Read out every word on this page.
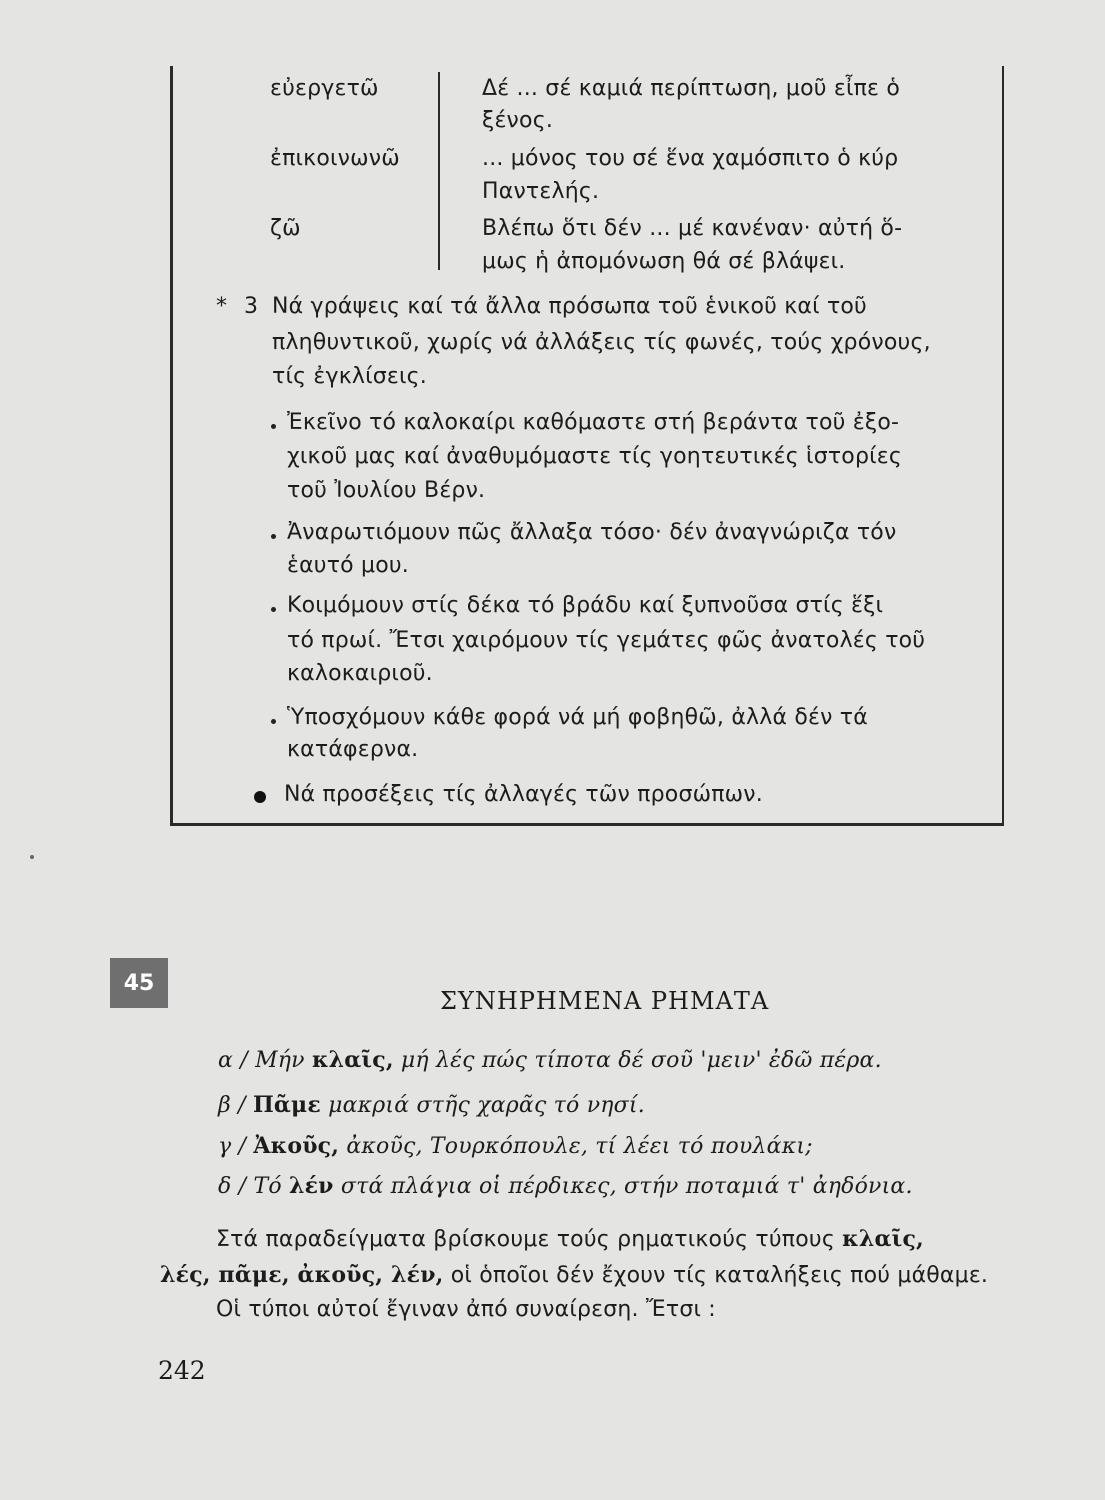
εὐεργετῶ	Δέ ... σέ καμιά περίπτωση, μοῦ εἶπε ὁ
ξένος.
ἐπικοινωνῶ	... μόνος του σέ ἕνα χαμόσπιτο ὁ κύρ
Παντελής.
ζῶ	Βλέπω ὅτι δέν ... μέ κανέναν· αὐτή ὅ-
μως ἡ ἀπομόνωση θά σέ βλάψει.
* 3 Νά γράψεις καί τά ἄλλα πρόσωπα τοῦ ἑνικοῦ καί τοῦ
πληθυντικοῦ, χωρίς νά ἀλλάξεις τίς φωνές, τούς χρόνους,
τίς ἐγκλίσεις.
Ἐκεῖνο τό καλοκαίρι καθόμαστε στή βεράντα τοῦ ἐξο-
χικοῦ μας καί ἀναθυμόμαστε τίς γοητευτικές ἱστορίες
τοῦ Ἰουλίου Βέρν.
Ἀναρωτιόμουν πῶς ἄλλαξα τόσο· δέν ἀναγνώριζα τόν
ἑαυτό μου.
Κοιμόμουν στίς δέκα τό βράδυ καί ξυπνοῦσα στίς ἕξι
τό πρωί. Ἔτσι χαιρόμουν τίς γεμάτες φῶς ἀνατολές τοῦ
καλοκαιριοῦ.
Ὑποσχόμουν κάθε φορά νά μή φοβηθῶ, ἀλλά δέν τά
κατάφερνα.
Νά προσέξεις τίς ἀλλαγές τῶν προσώπων.
45
ΣΥΝΗΡΗΜΕΝΑ ΡΗΜΑΤΑ
α / Μήν κλαῖς, μή λές πώς τίποτα δέ σοῦ 'μειν' ἐδῶ πέρα.
β / Πᾶμε μακριά στῆς χαρᾶς τό νησί.
γ / Ἀκοῦς, ἀκοῦς, Τουρκόπουλε, τί λέει τό πουλάκι;
δ / Τό λέν στά πλάγια οἱ πέρδικες, στήν ποταμιά τ' ἀηδόνια.
Στά παραδείγματα βρίσκουμε τούς ρηματικούς τύπους κλαῖς,
λές, πᾶμε, ἀκοῦς, λέν, οἱ ὁποῖοι δέν ἔχουν τίς καταλήξεις πού μάθαμε.
Οἱ τύποι αὐτοί ἔγιναν ἀπό συναίρεση. Ἔτσι :
242
